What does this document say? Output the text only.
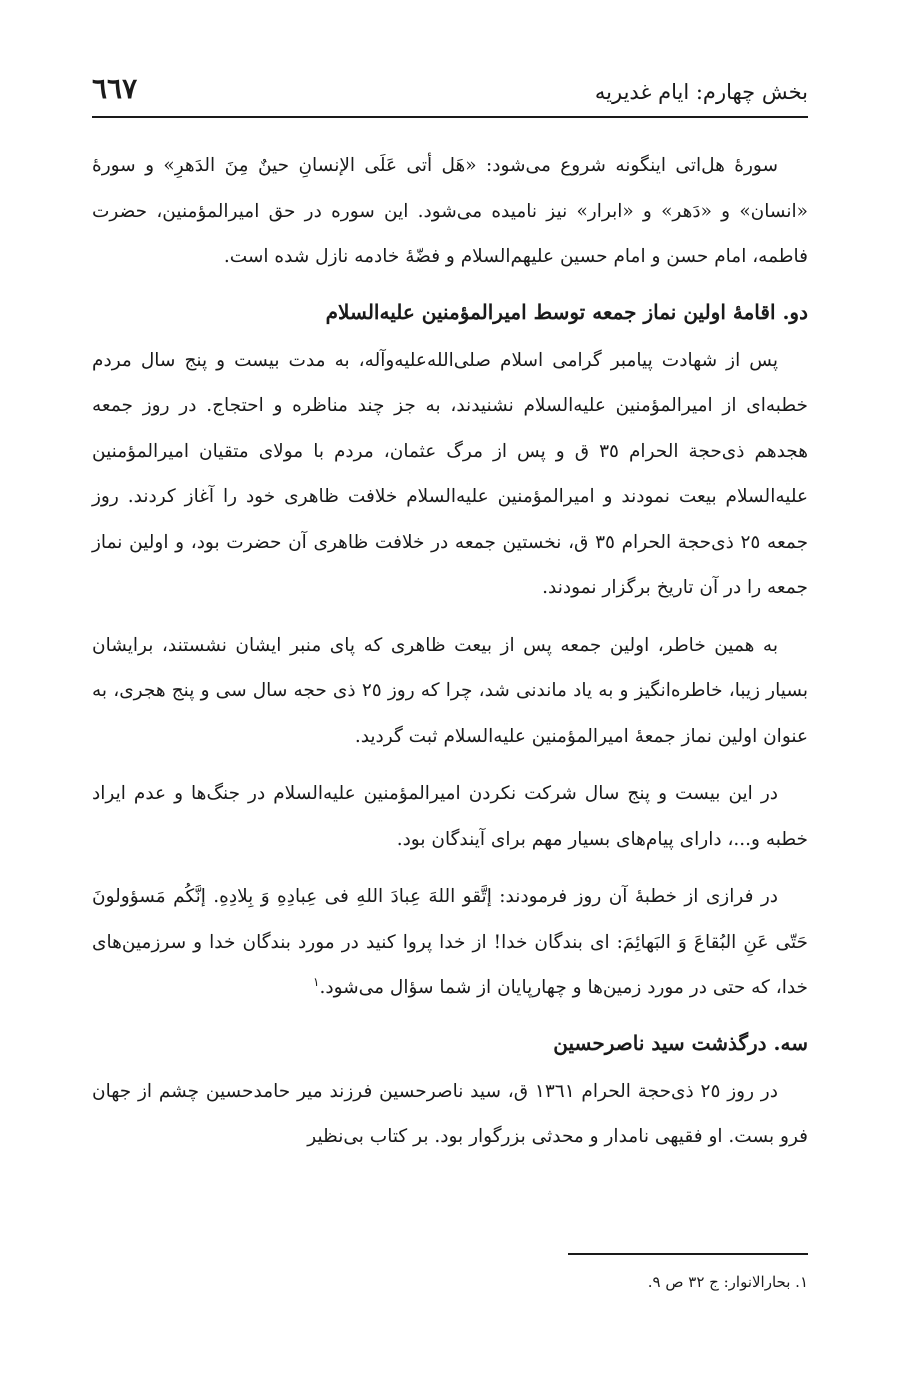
بخش چهارم: ایام غدیریه
٦٦٧

سورۀ هل‌اتی اینگونه شروع می‌شود: «هَل أتی عَلَی الإنسانِ حینٌ مِنَ الدَهرِ» و سورۀ «انسان» و «دَهر» و «ابرار» نیز نامیده می‌شود. این سوره در حق امیرالمؤمنین، حضرت فاطمه، امام حسن و امام حسین علیهم‌السلام و فضّۀ خادمه نازل شده است.

دو. اقامۀ اولین نماز جمعه توسط امیرالمؤمنین علیه‌السلام

پس از شهادت پیامبر گرامی اسلام صلی‌الله‌علیه‌وآله، به مدت بیست و پنج سال مردم خطبه‌ای از امیرالمؤمنین علیه‌السلام نشنیدند، به جز چند مناظره و احتجاج. در روز جمعه هجدهم ذی‌حجة الحرام ٣٥ ق و پس از مرگ عثمان، مردم با مولای متقیان امیرالمؤمنین علیه‌السلام بیعت نمودند و امیرالمؤمنین علیه‌السلام خلافت ظاهری خود را آغاز کردند. روز جمعه ٢٥ ذی‌حجة الحرام ٣٥ ق، نخستین جمعه در خلافت ظاهری آن حضرت بود، و اولین نماز جمعه را در آن تاریخ برگزار نمودند.

به همین خاطر، اولین جمعه پس از بیعت ظاهری که پای منبر ایشان نشستند، برایشان بسیار زیبا، خاطره‌انگیز و به یاد ماندنی شد، چرا که روز ٢٥ ذی حجه سال سی و پنج هجری، به عنوان اولین نماز جمعۀ امیرالمؤمنین علیه‌السلام ثبت گردید.

در این بیست و پنج سال شرکت نکردن امیرالمؤمنین علیه‌السلام در جنگ‌ها و عدم ایراد خطبه و...، دارای پیام‌های بسیار مهم برای آیندگان بود.

در فرازی از خطبۀ آن روز فرمودند: إتَّقو اللهَ عِبادَ اللهِ فی عِبادِهِ وَ بِلادِهِ. إنَّکُم مَسؤولونَ حَتّی عَنِ البُقاعَ وَ البَهائِمَ: ای بندگان خدا! از خدا پروا کنید در مورد بندگان خدا و سرزمین‌های خدا، که حتی در مورد زمین‌ها و چهارپایان از شما سؤال می‌شود.$^١$

سه. درگذشت سید ناصرحسین

در روز ٢٥ ذی‌حجة الحرام ١٣٦١ ق، سید ناصرحسین فرزند میر حامدحسین چشم از جهان فرو بست. او فقیهی نامدار و محدثی بزرگوار بود. بر کتاب بی‌نظیر

١. بحارالانوار: ج ٣٢ ص ٩.
